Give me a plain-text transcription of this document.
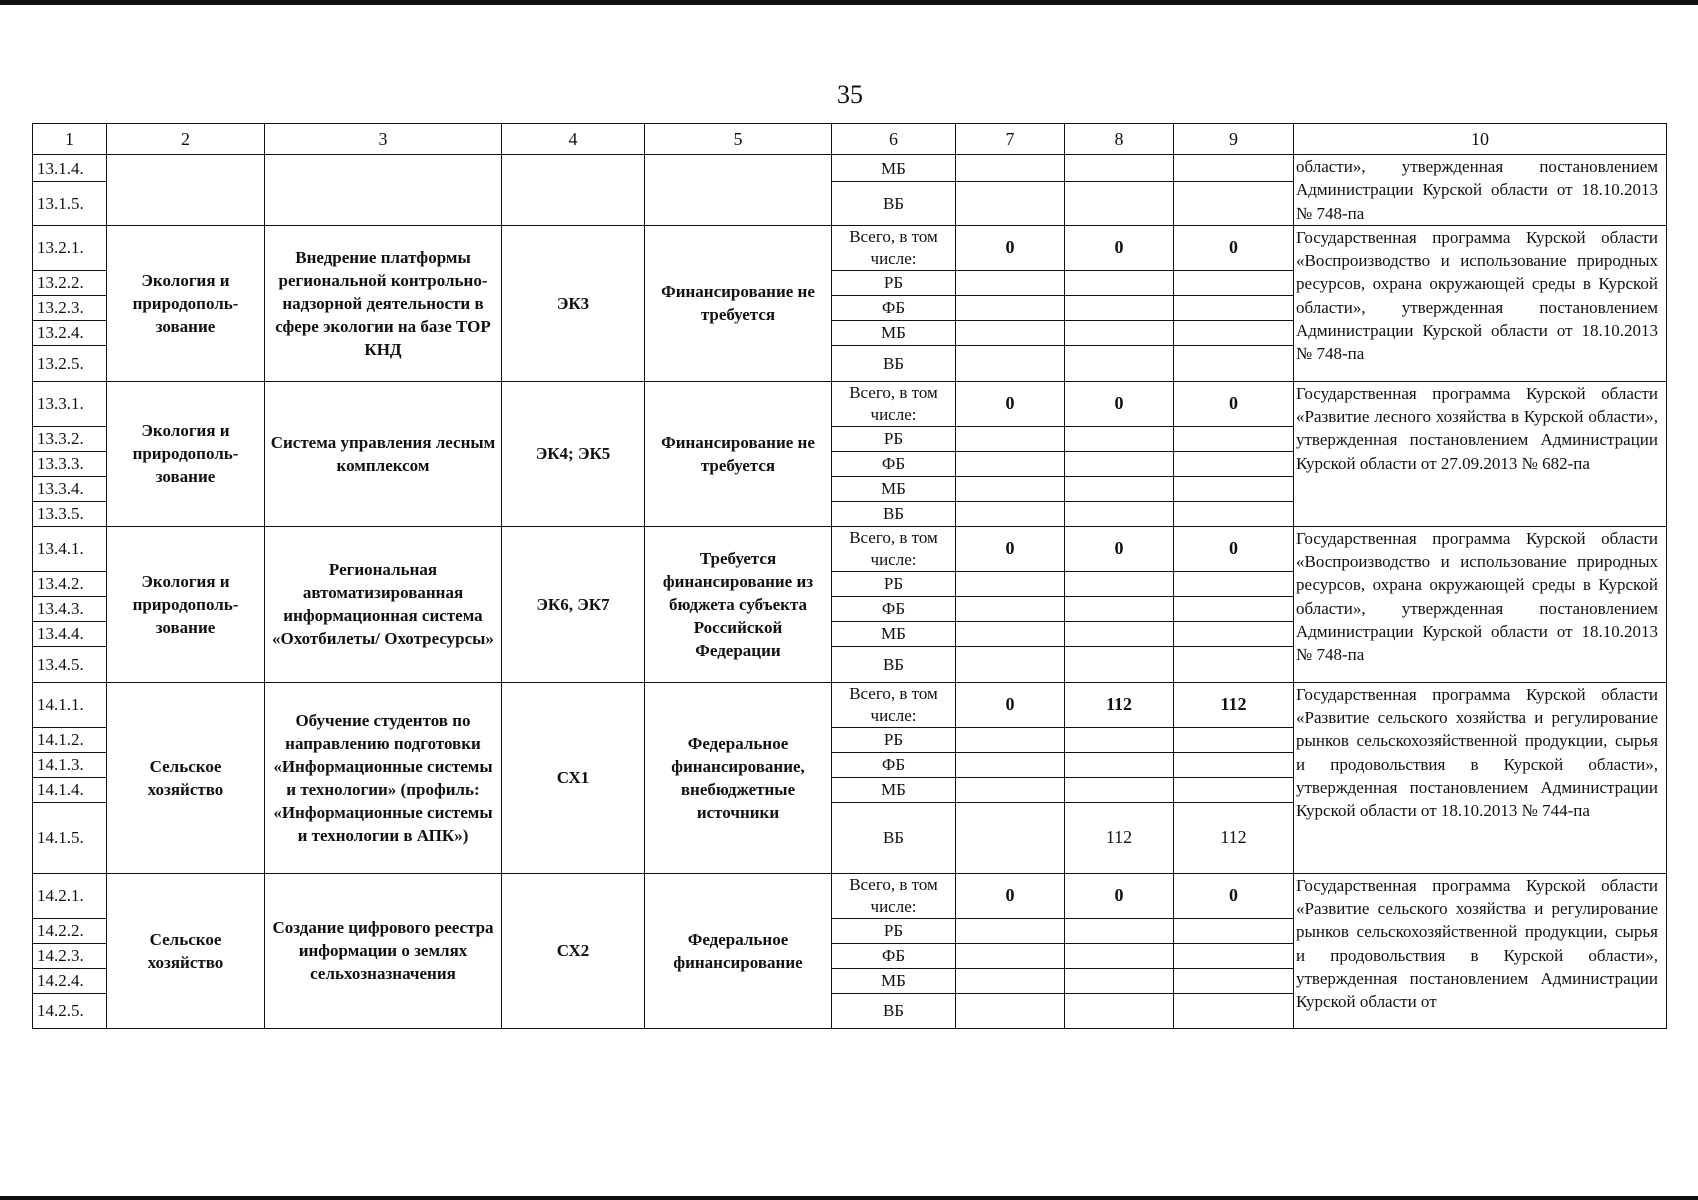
35
1	2	3	4	5	6	7	8	9	10
13.1.4.					МБ				области», утвержденная постановлением Администрации Курской области от 18.10.2013 № 748-па
13.1.5.					ВБ				
13.2.1.	Экология и природополь-зование	Внедрение платформы региональной контрольно-надзорной деятельности в сфере экологии на базе ТОР КНД	ЭК3	Финансирование не требуется	Всего, в том числе:	0	0	0	Государственная программа Курской области «Воспроизводство и использование природных ресурсов, охрана окружающей среды в Курской области», утвержденная постановлением Администрации Курской области от 18.10.2013 № 748-па
13.2.2.					РБ				
13.2.3.					ФБ				
13.2.4.					МБ				
13.2.5.					ВБ				
13.3.1.	Экология и природополь-зование	Система управления лесным комплексом	ЭК4; ЭК5	Финансирование не требуется	Всего, в том числе:	0	0	0	Государственная программа Курской области «Развитие лесного хозяйства в Курской области», утвержденная постановлением Администрации Курской области от 27.09.2013 № 682-па
13.3.2.					РБ				
13.3.3.					ФБ				
13.3.4.					МБ				
13.3.5.					ВБ				
13.4.1.	Экология и природополь-зование	Региональная автоматизированная информационная система «Охотбилеты/ Охотресурсы»	ЭК6, ЭК7	Требуется финансирование из бюджета субъекта Российской Федерации	Всего, в том числе:	0	0	0	Государственная программа Курской области «Воспроизводство и использование природных ресурсов, охрана окружающей среды в Курской области», утвержденная постановлением Администрации Курской области от 18.10.2013 № 748-па
13.4.2.					РБ				
13.4.3.					ФБ				
13.4.4.					МБ				
13.4.5.					ВБ				
14.1.1.	Сельское хозяйство	Обучение студентов по направлению подготовки «Информационные системы и технологии» (профиль: «Информационные системы и технологии в АПК»)	СХ1	Федеральное финансирование, внебюджетные источники	Всего, в том числе:	0	112	112	Государственная программа Курской области «Развитие сельского хозяйства и регулирование рынков сельскохозяйственной продукции, сырья и продовольствия в Курской области», утвержденная постановлением Администрации Курской области от 18.10.2013 № 744-па
14.1.2.					РБ				
14.1.3.					ФБ				
14.1.4.					МБ				
14.1.5.					ВБ		112	112	
14.2.1.	Сельское хозяйство	Создание цифрового реестра информации о землях сельхозназначения	СХ2	Федеральное финансирование	Всего, в том числе:	0	0	0	Государственная программа Курской области «Развитие сельского хозяйства и регулирование рынков сельскохозяйственной продукции, сырья и продовольствия в Курской области», утвержденная постановлением Администрации Курской области от
14.2.2.					РБ				
14.2.3.					ФБ				
14.2.4.					МБ				
14.2.5.					ВБ				
